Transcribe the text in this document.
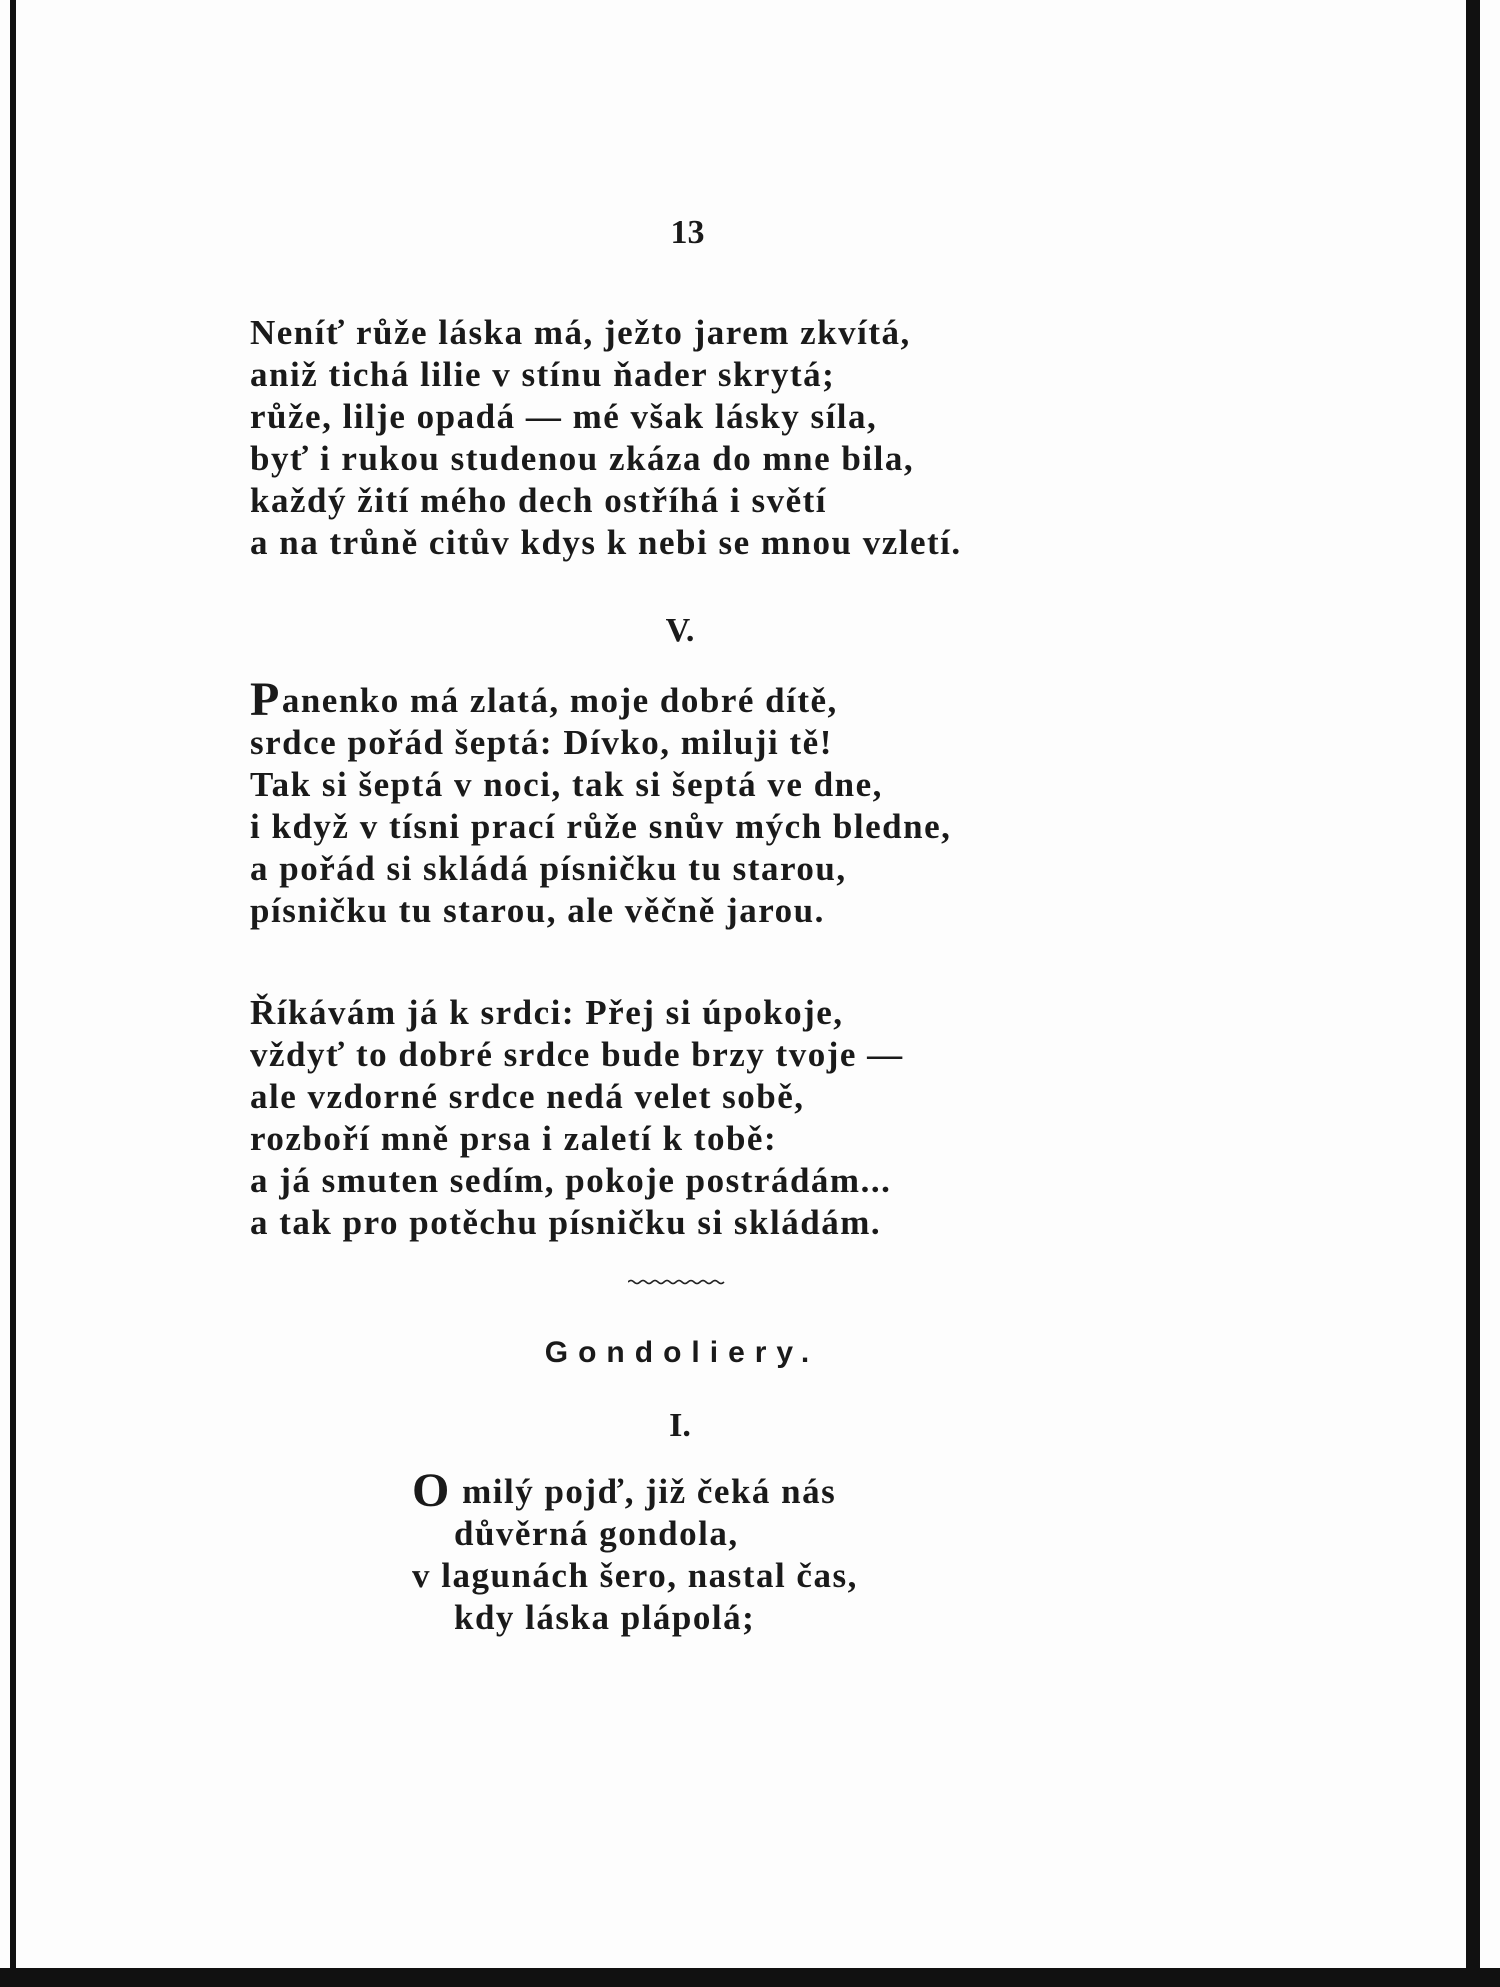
13
Neníť růže láska má, ježto jarem zkvítá,
aniž tichá lilie v stínu ňader skrytá;
růže, lilje opadá — mé však lásky síla,
byť i rukou studenou zkáza do mne bila,
každý žití mého dech ostříhá i světí
a na trůně citův kdys k nebi se mnou vzletí.
V.
Panenko má zlatá, moje dobré dítě,
srdce pořád šeptá: Dívko, miluji tě!
Tak si šeptá v noci, tak si šeptá ve dne,
i když v tísni prací růže snův mých bledne,
a pořád si skládá písničku tu starou,
písničku tu starou, ale věčně jarou.
Říkávám já k srdci: Přej si úpokoje,
vždyť to dobré srdce bude brzy tvoje —
ale vzdorné srdce nedá velet sobě,
rozboří mně prsa i zaletí k tobě:
a já smuten sedím, pokoje postrádám...
a tak pro potěchu písničku si skládám.
Gondoliery.
I.
O milý pojď, již čeká nás
důvěrná gondola,
v lagunách šero, nastal čas,
kdy láska plápolá;
